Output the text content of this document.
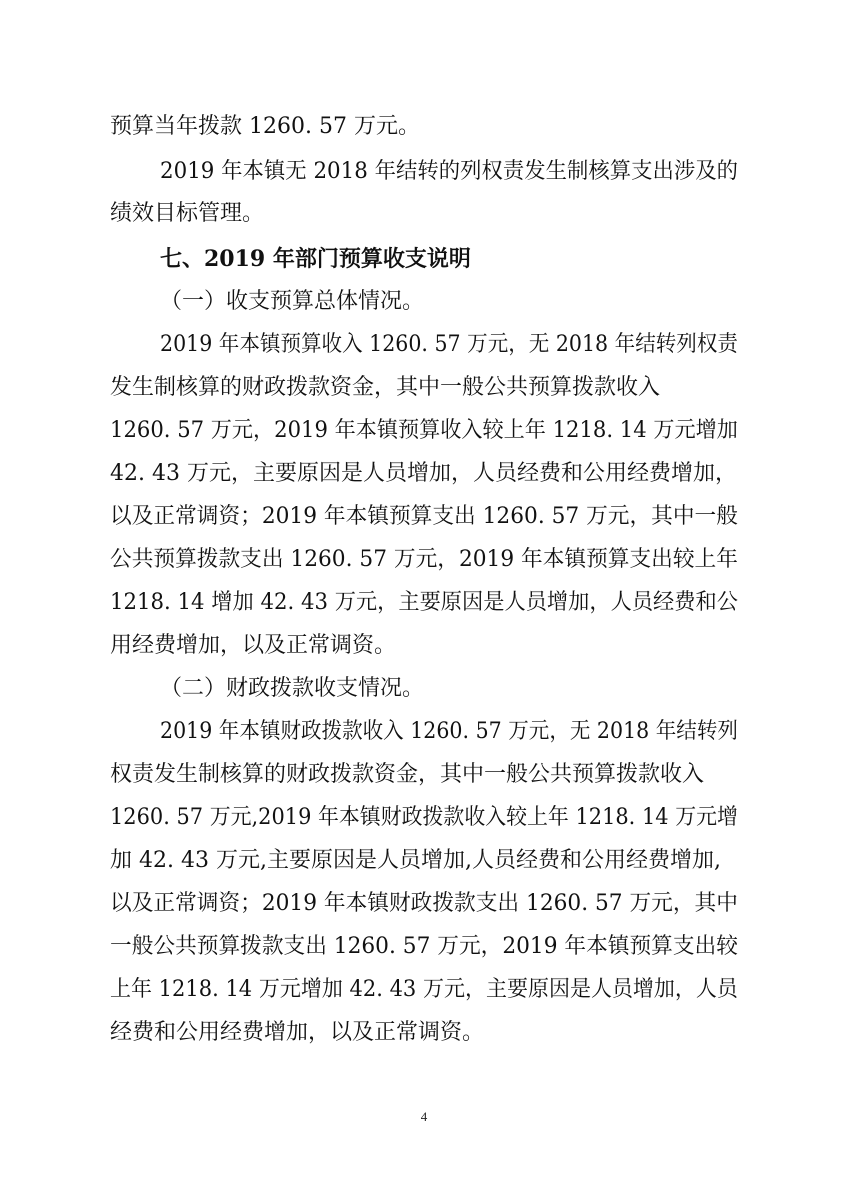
预算当年拨款 1260. 57 万元。
2019 年本镇无 2018 年结转的列权责发生制核算支出涉及的
绩效目标管理。
七、2019 年部门预算收支说明
（一）收支预算总体情况。
2019 年本镇预算收入 1260. 57 万元，无 2018 年结转列权责
发生制核算的财政拨款资金，其中一般公共预算拨款收入
1260. 57 万元，2019 年本镇预算收入较上年 1218. 14 万元增加
42. 43 万元，主要原因是人员增加，人员经费和公用经费增加，
以及正常调资；2019 年本镇预算支出 1260. 57 万元，其中一般
公共预算拨款支出 1260. 57 万元，2019 年本镇预算支出较上年
1218. 14 增加 42. 43 万元，主要原因是人员增加，人员经费和公
用经费增加，以及正常调资。
（二）财政拨款收支情况。
2019 年本镇财政拨款收入 1260. 57 万元，无 2018 年结转列
权责发生制核算的财政拨款资金，其中一般公共预算拨款收入
1260. 57 万元,2019 年本镇财政拨款收入较上年 1218. 14 万元增
加 42. 43 万元,主要原因是人员增加,人员经费和公用经费增加,
以及正常调资；2019 年本镇财政拨款支出 1260. 57 万元，其中
一般公共预算拨款支出 1260. 57 万元，2019 年本镇预算支出较
上年 1218. 14 万元增加 42. 43 万元，主要原因是人员增加，人员
经费和公用经费增加，以及正常调资。
4
